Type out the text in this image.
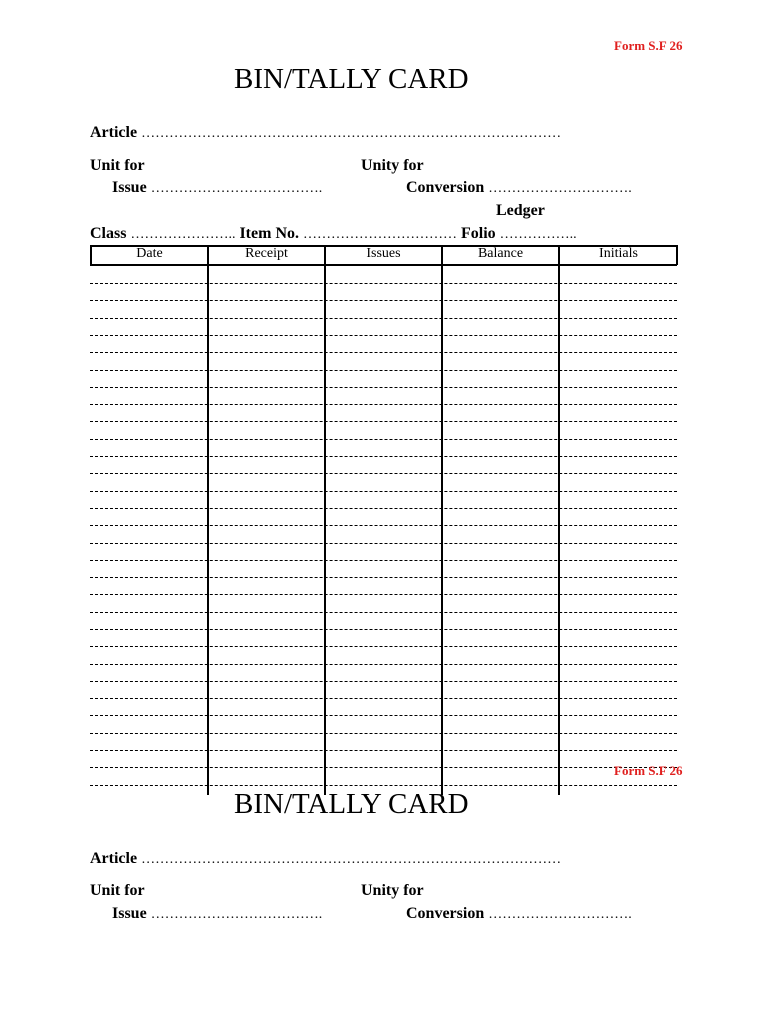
Form S.F 26
BIN/TALLY CARD
Article ………………………………………………………………………………
Unit for	Unity for
Issue ……………………………….	Conversion ………………………….
Ledger
Class ………………….. Item No. …………………………… Folio ……………..
Date	Receipt	Issues	Balance	Initials
Form S.F 26
BIN/TALLY CARD
Article ………………………………………………………………………………
Unit for	Unity for
Issue ……………………………….	Conversion ………………………….
